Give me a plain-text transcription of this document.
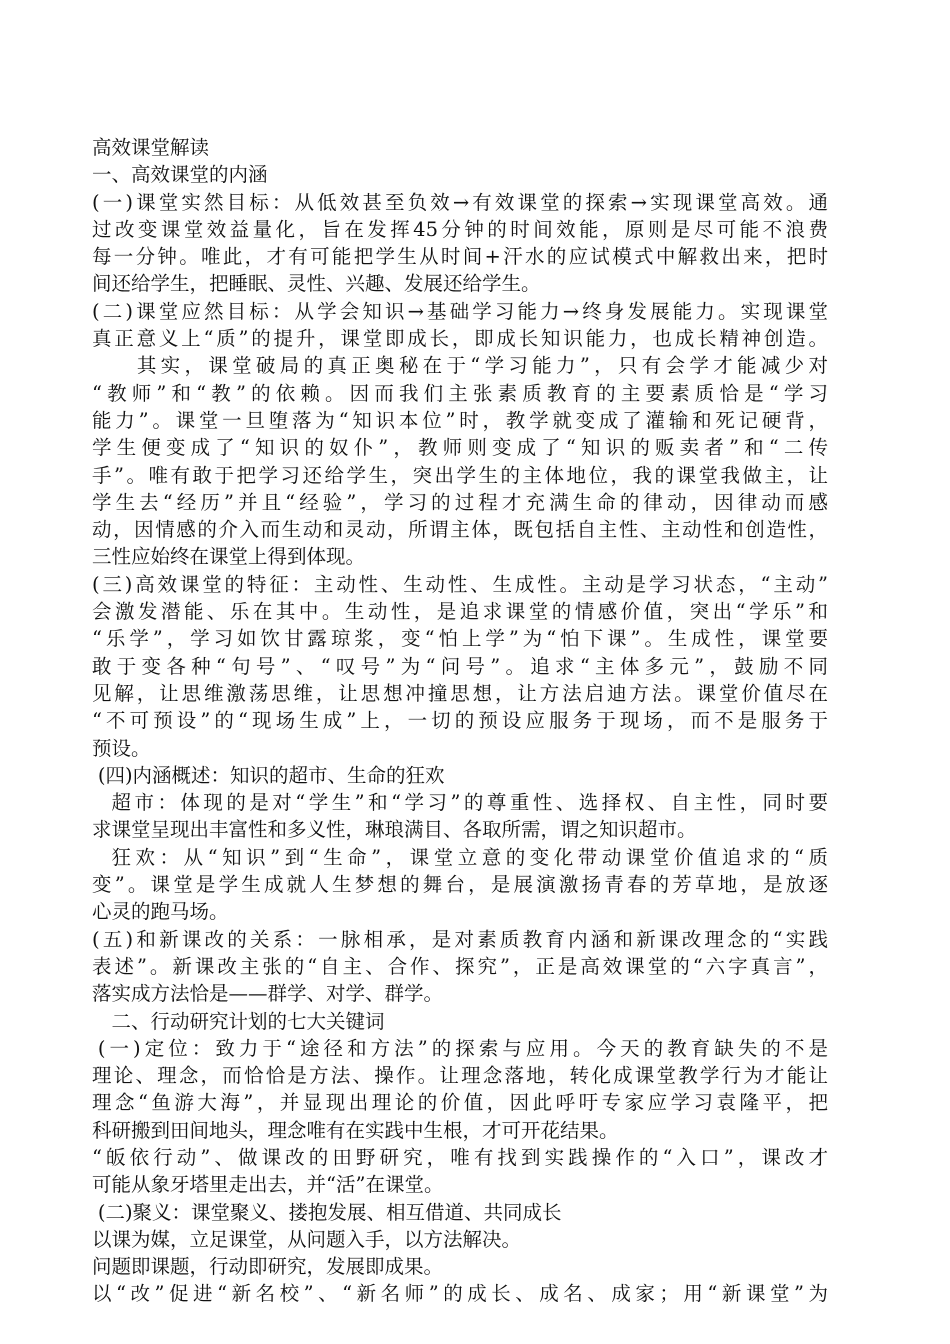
高效课堂解读
一、高效课堂的内涵
(一)课堂实然目标：从低效甚至负效→有效课堂的探索→实现课堂高效。通
过改变课堂效益量化，旨在发挥45分钟的时间效能，原则是尽可能不浪费
每一分钟。唯此，才有可能把学生从时间+汗水的应试模式中解救出来，把时
间还给学生，把睡眠、灵性、兴趣、发展还给学生。
(二)课堂应然目标：从学会知识→基础学习能力→终身发展能力。实现课堂
真正意义上“质”的提升，课堂即成长，即成长知识能力，也成长精神创造。
其实，课堂破局的真正奥秘在于“学习能力”，只有会学才能减少对
“教师”和“教”的依赖。因而我们主张素质教育的主要素质恰是“学习
能力”。课堂一旦堕落为“知识本位”时，教学就变成了灌输和死记硬背，
学生便变成了“知识的奴仆”，教师则变成了“知识的贩卖者”和“二传
手”。唯有敢于把学习还给学生，突出学生的主体地位，我的课堂我做主，让
学生去“经历”并且“经验”，学习的过程才充满生命的律动，因律动而感
动，因情感的介入而生动和灵动，所谓主体，既包括自主性、主动性和创造性，
三性应始终在课堂上得到体现。
(三)高效课堂的特征：主动性、生动性、生成性。主动是学习状态，“主动”
会激发潜能、乐在其中。生动性，是追求课堂的情感价值，突出“学乐”和
“乐学”，学习如饮甘露琼浆，变“怕上学”为“怕下课”。生成性，课堂要
敢于变各种“句号”、“叹号”为“问号”。追求“主体多元”，鼓励不同
见解，让思维激荡思维，让思想冲撞思想，让方法启迪方法。课堂价值尽在
“不可预设”的“现场生成”上，一切的预设应服务于现场，而不是服务于
预设。
(四)内涵概述：知识的超市、生命的狂欢
超市：体现的是对“学生”和“学习”的尊重性、选择权、自主性，同时要
求课堂呈现出丰富性和多义性，琳琅满目、各取所需，谓之知识超市。
狂欢：从“知识”到“生命”，课堂立意的变化带动课堂价值追求的“质
变”。课堂是学生成就人生梦想的舞台，是展演激扬青春的芳草地，是放逐
心灵的跑马场。
(五)和新课改的关系：一脉相承，是对素质教育内涵和新课改理念的“实践
表述”。新课改主张的“自主、合作、探究”，正是高效课堂的“六字真言”，
落实成方法恰是——群学、对学、群学。
二、行动研究计划的七大关键词
(一)定位：致力于“途径和方法”的探索与应用。今天的教育缺失的不是
理论、理念，而恰恰是方法、操作。让理念落地，转化成课堂教学行为才能让
理念“鱼游大海”，并显现出理论的价值，因此呼吁专家应学习袁隆平，把
科研搬到田间地头，理念唯有在实践中生根，才可开花结果。
“皈依行动”、做课改的田野研究，唯有找到实践操作的“入口”，课改才
可能从象牙塔里走出去，并“活”在课堂。
(二)聚义：课堂聚义、搂抱发展、相互借道、共同成长
以课为媒，立足课堂，从问题入手，以方法解决。
问题即课题，行动即研究，发展即成果。
以“改”促进“新名校”、“新名师”的成长、成名、成家；用“新课堂”为
